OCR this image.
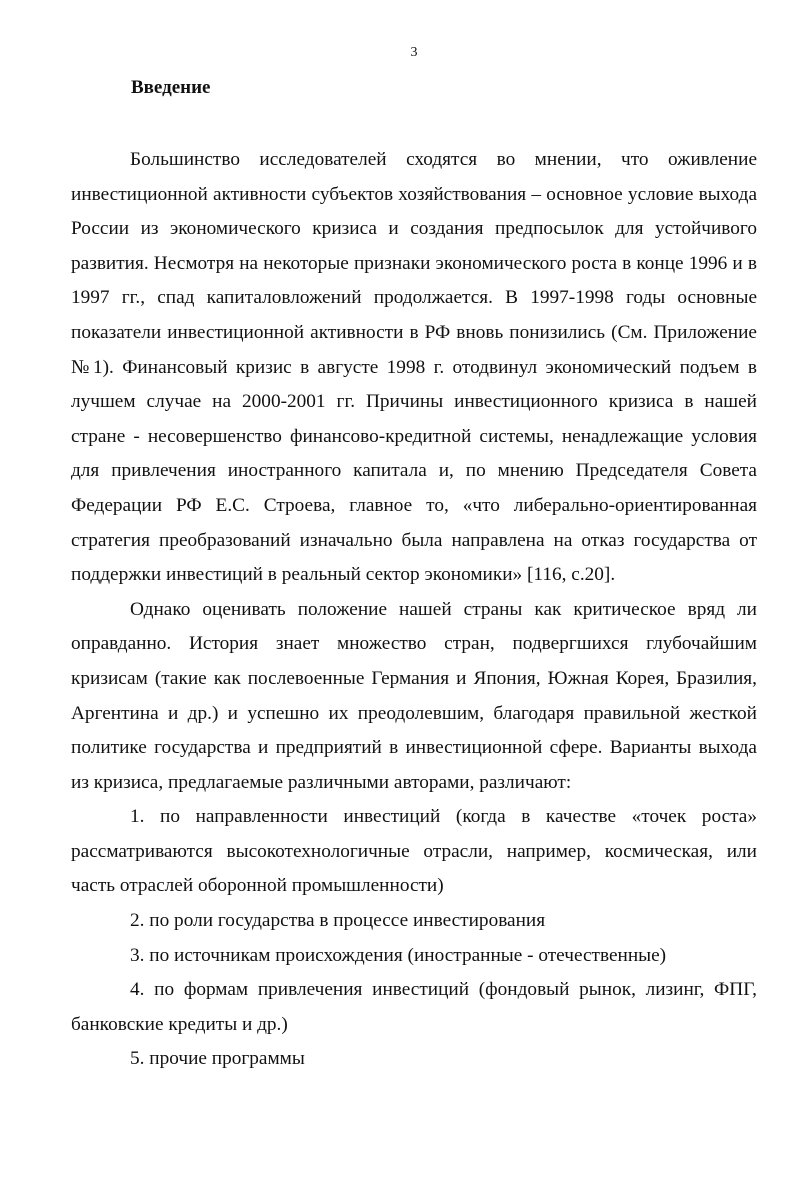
3
Введение

Большинство исследователей сходятся во мнении, что оживление инвестиционной активности субъектов хозяйствования – основное условие выхода России из экономического кризиса и создания предпосылок для устойчивого развития. Несмотря на некоторые признаки экономического роста в конце 1996 и в 1997 гг., спад капиталовложений продолжается. В 1997-1998 годы основные показатели инвестиционной активности в РФ вновь понизились (См. Приложение №1). Финансовый кризис в августе 1998 г. отодвинул экономический подъем в лучшем случае на 2000-2001 гг. Причины инвестиционного кризиса в нашей стране - несовершенство финансово-кредитной системы, ненадлежащие условия для привлечения иностранного капитала и, по мнению Председателя Совета Федерации РФ Е.С. Строева, главное то, «что либерально-ориентированная стратегия преобразований изначально была направлена на отказ государства от поддержки инвестиций в реальный сектор экономики» [116, с.20].

Однако оценивать положение нашей страны как критическое вряд ли оправданно. История знает множество стран, подвергшихся глубочайшим кризисам (такие как послевоенные Германия и Япония, Южная Корея, Бразилия, Аргентина и др.) и успешно их преодолевшим, благодаря правильной жесткой политике государства и предприятий в инвестиционной сфере. Варианты выхода из кризиса, предлагаемые различными авторами, различают:

1. по направленности инвестиций (когда в качестве «точек роста» рассматриваются высокотехнологичные отрасли, например, космическая, или часть отраслей оборонной промышленности)

2. по роли государства в процессе инвестирования

3. по источникам происхождения (иностранные - отечественные)

4. по формам привлечения инвестиций (фондовый рынок, лизинг, ФПГ, банковские кредиты и др.)

5. прочие программы
